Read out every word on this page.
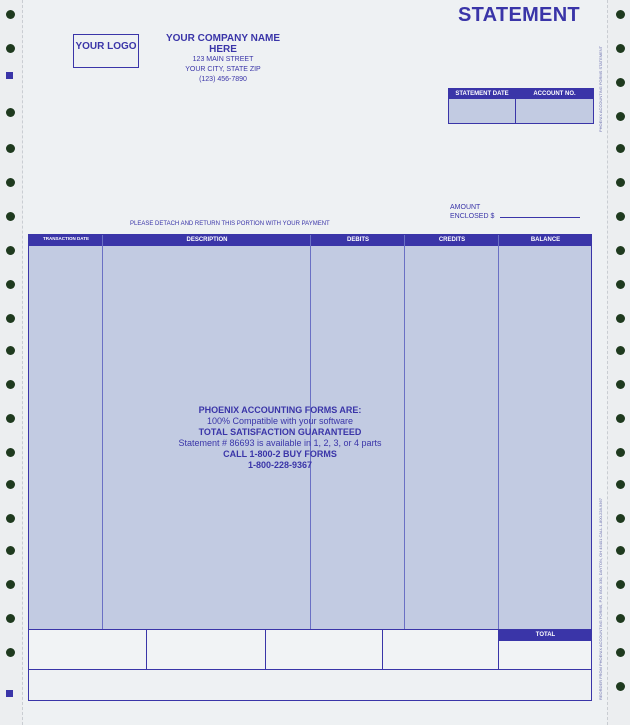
PHOENIX ACCOUNTING FORMS STATEMENT
REORDER FROM PHOENIX ACCOUNTING FORMS, P.O. BOX 330, DAYTON, OH 45401 CALL 1-800-228-9367
STATEMENT
YOUR LOGO
YOUR COMPANY NAME HERE
123 MAIN STREET
YOUR CITY, STATE ZIP
(123) 456-7890
STATEMENT DATE	ACCOUNT NO.
AMOUNT
ENCLOSED $
PLEASE DETACH AND RETURN THIS PORTION WITH YOUR PAYMENT
TRANSACTION DATE	DESCRIPTION	DEBITS	CREDITS	BALANCE
PHOENIX ACCOUNTING FORMS ARE:
100% Compatible with your software
TOTAL SATISFACTION GUARANTEED
Statement # 86693 is available in 1, 2, 3, or 4 parts
CALL 1-800-2 BUY FORMS
1-800-228-9367
TOTAL
